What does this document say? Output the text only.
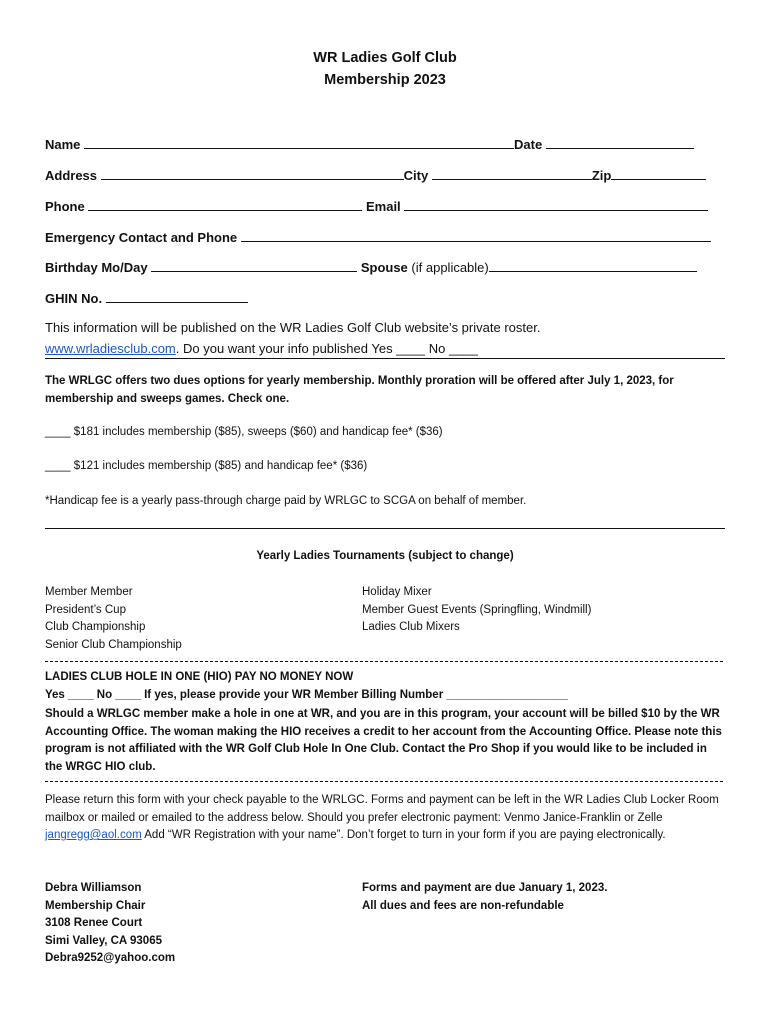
WR Ladies Golf Club
Membership 2023
Name	Date
Address	City	Zip
Phone	Email
Emergency Contact and Phone
Birthday Mo/Day	Spouse (if applicable)
GHIN No.
This information will be published on the WR Ladies Golf Club website’s private roster.
www.wrladiesclub.com. Do you want your info published Yes ____ No ____
The WRLGC offers two dues options for yearly membership. Monthly proration will be offered after July 1, 2023, for membership and sweeps games. Check one.
____ $181 includes membership ($85), sweeps ($60) and handicap fee* ($36)
____ $121 includes membership ($85) and handicap fee* ($36)
*Handicap fee is a yearly pass-through charge paid by WRLGC to SCGA on behalf of member.
Yearly Ladies Tournaments (subject to change)
Member Member
President’s Cup
Club Championship
Senior Club Championship
Holiday Mixer
Member Guest Events (Springfling, Windmill)
Ladies Club Mixers
LADIES CLUB HOLE IN ONE (HIO) PAY NO MONEY NOW
Yes ____ No ____ If yes, please provide your WR Member Billing Number ___________________
Should a WRLGC member make a hole in one at WR, and you are in this program, your account will be billed $10 by the WR Accounting Office. The woman making the HIO receives a credit to her account from the Accounting Office. Please note this program is not affiliated with the WR Golf Club Hole In One Club. Contact the Pro Shop if you would like to be included in the WRGC HIO club.
Please return this form with your check payable to the WRLGC. Forms and payment can be left in the WR Ladies Club Locker Room mailbox or mailed or emailed to the address below. Should you prefer electronic payment: Venmo Janice-Franklin or Zelle jangregg@aol.com Add “WR Registration with your name”. Don’t forget to turn in your form if you are paying electronically.
Debra Williamson
Membership Chair
3108 Renee Court
Simi Valley, CA 93065
Debra9252@yahoo.com
Forms and payment are due January 1, 2023.
All dues and fees are non-refundable
